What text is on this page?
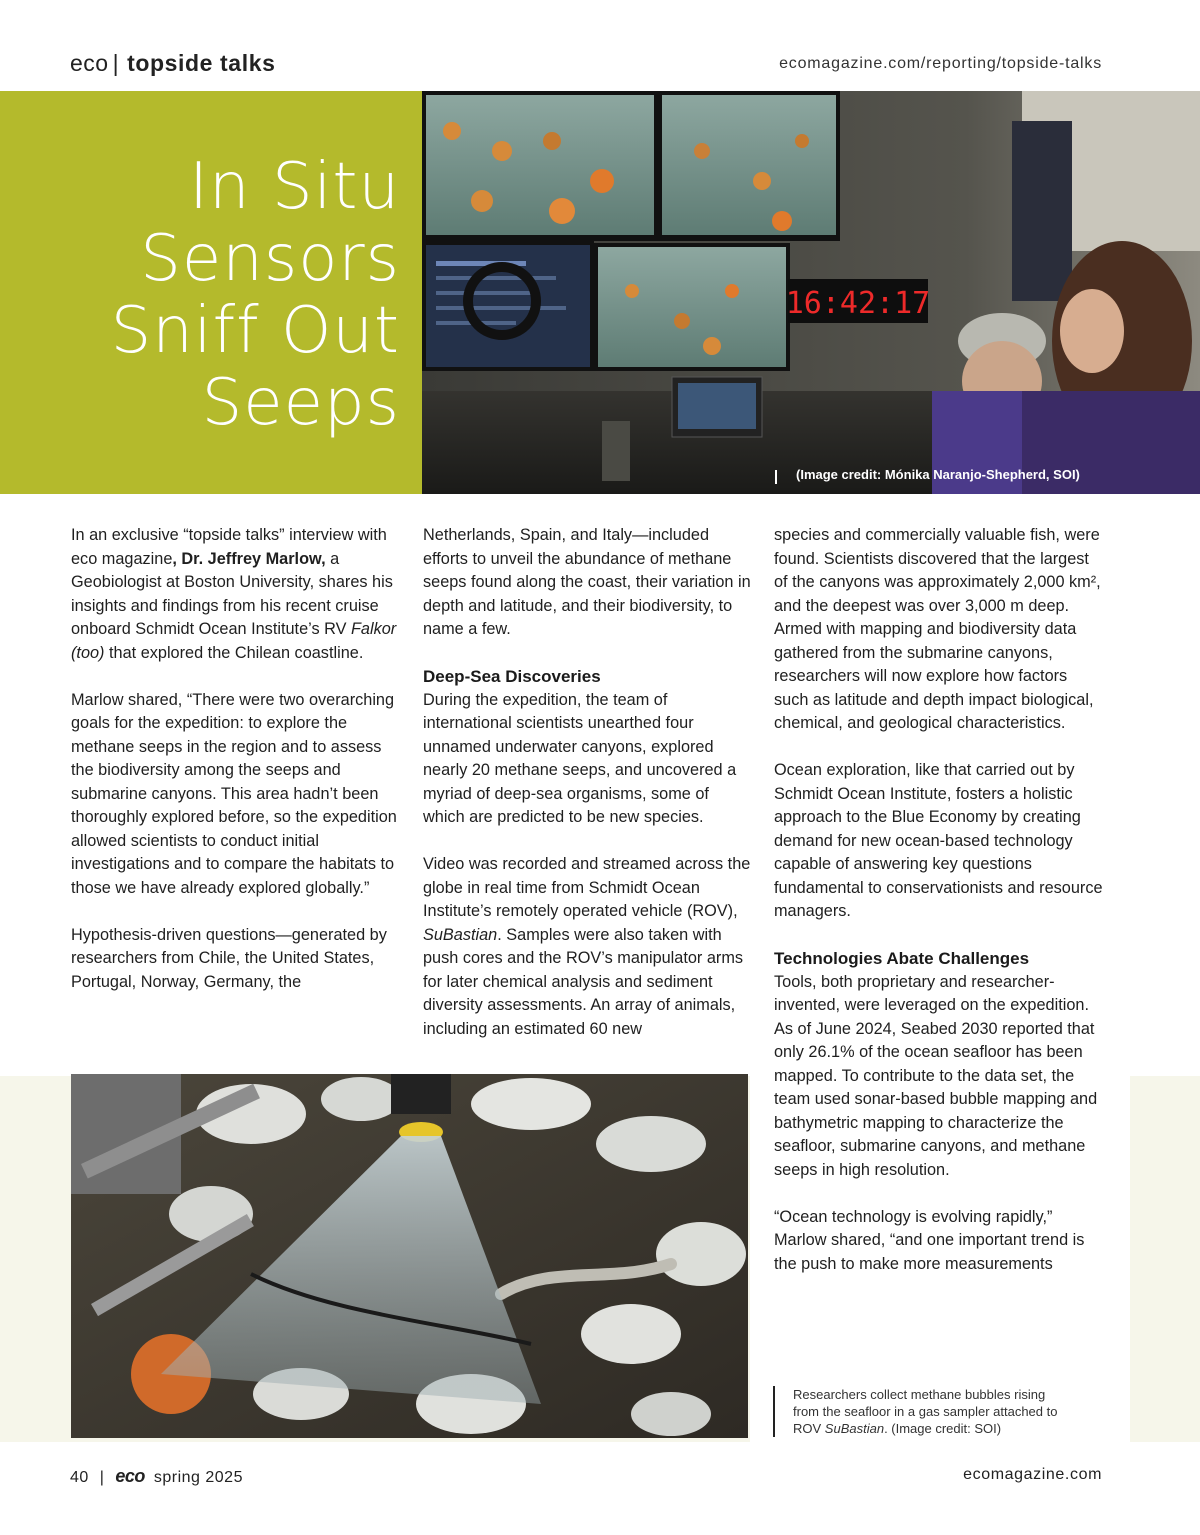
eco | topside talks	ecomagazine.com/reporting/topside-talks
In Situ
Sensors
Sniff Out
Seeps
16:42:17
(Image credit: Mónika Naranjo-Shepherd, SOI)

In an exclusive “topside talks” interview with eco magazine, Dr. Jeffrey Marlow, a Geobiologist at Boston University, shares his insights and findings from his recent cruise onboard Schmidt Ocean Institute’s RV Falkor (too) that explored the Chilean coastline.

Marlow shared, “There were two overarching goals for the expedition: to explore the methane seeps in the region and to assess the biodiversity among the seeps and submarine canyons. This area hadn’t been thoroughly explored before, so the expedition allowed scientists to conduct initial investigations and to compare the habitats to those we have already explored globally.”

Hypothesis-driven questions—generated by researchers from Chile, the United States, Portugal, Norway, Germany, the

Netherlands, Spain, and Italy—included efforts to unveil the abundance of methane seeps found along the coast, their variation in depth and latitude, and their biodiversity, to name a few.

Deep-Sea Discoveries

During the expedition, the team of international scientists unearthed four unnamed underwater canyons, explored nearly 20 methane seeps, and uncovered a myriad of deep-sea organisms, some of which are predicted to be new species.

Video was recorded and streamed across the globe in real time from Schmidt Ocean Institute’s remotely operated vehicle (ROV), SuBastian. Samples were also taken with push cores and the ROV’s manipulator arms for later chemical analysis and sediment diversity assessments. An array of animals, including an estimated 60 new

species and commercially valuable fish, were found. Scientists discovered that the largest of the canyons was approximately 2,000 km², and the deepest was over 3,000 m deep. Armed with mapping and biodiversity data gathered from the submarine canyons, researchers will now explore how factors such as latitude and depth impact biological, chemical, and geological characteristics.

Ocean exploration, like that carried out by Schmidt Ocean Institute, fosters a holistic approach to the Blue Economy by creating demand for new ocean-based technology capable of answering key questions fundamental to conservationists and resource managers.

Technologies Abate Challenges

Tools, both proprietary and researcher-invented, were leveraged on the expedition. As of June 2024, Seabed 2030 reported that only 26.1% of the ocean seafloor has been mapped. To contribute to the data set, the team used sonar-based bubble mapping and bathymetric mapping to characterize the seafloor, submarine canyons, and methane seeps in high resolution.

“Ocean technology is evolving rapidly,” Marlow shared, “and one important trend is the push to make more measurements

Researchers collect methane bubbles rising from the seafloor in a gas sampler attached to ROV SuBastian. (Image credit: SOI)
40 | eco spring 2025	ecomagazine.com
